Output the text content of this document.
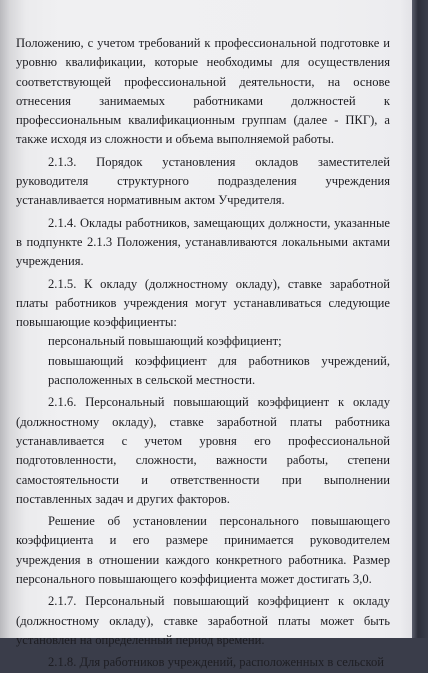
Положению, с учетом требований к профессиональной подготовке и уровню квалификации, которые необходимы для осуществления соответствующей профессиональной деятельности, на основе отнесения занимаемых работниками должностей к профессиональным квалификационным группам (далее - ПКГ), а также исходя из сложности и объема выполняемой работы.

2.1.3. Порядок установления окладов заместителей руководителя структурного подразделения учреждения устанавливается нормативным актом Учредителя.

2.1.4. Оклады работников, замещающих должности, указанные в подпункте 2.1.3 Положения, устанавливаются локальными актами учреждения.

2.1.5. К окладу (должностному окладу), ставке заработной платы работников учреждения могут устанавливаться следующие повышающие коэффициенты:

персональный повышающий коэффициент;

повышающий коэффициент для работников учреждений, расположенных в сельской местности.

2.1.6. Персональный повышающий коэффициент к окладу (должностному окладу), ставке заработной платы работника устанавливается с учетом уровня его профессиональной подготовленности, сложности, важности работы, степени самостоятельности и ответственности при выполнении поставленных задач и других факторов.

Решение об установлении персонального повышающего коэффициента и его размере принимается руководителем учреждения в отношении каждого конкретного работника. Размер персонального повышающего коэффициента может достигать 3,0.

2.1.7. Персональный повышающий коэффициент к окладу (должностному окладу), ставке заработной платы может быть установлен на определенный период времени.

2.1.8. Для работников учреждений, расположенных в сельской
